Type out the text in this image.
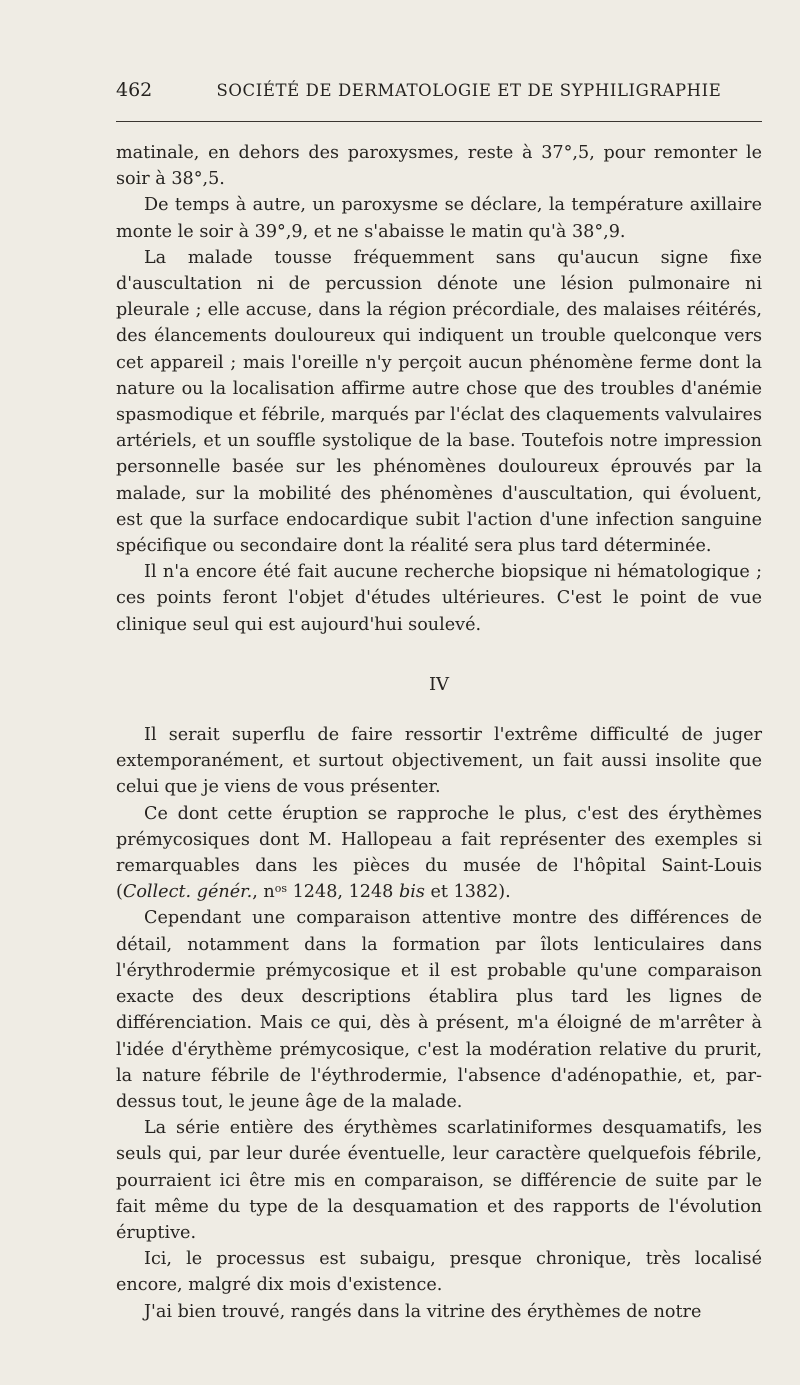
462	SOCIÉTÉ DE DERMATOLOGIE ET DE SYPHILIGRAPHIE

matinale, en dehors des paroxysmes, reste à 37°,5, pour remonter le soir à 38°,5.

De temps à autre, un paroxysme se déclare, la température axillaire monte le soir à 39°,9, et ne s'abaisse le matin qu'à 38°,9.

La malade tousse fréquemment sans qu'aucun signe fixe d'auscultation ni de percussion dénote une lésion pulmonaire ni pleurale ; elle accuse, dans la région précordiale, des malaises réitérés, des élancements douloureux qui indiquent un trouble quelconque vers cet appareil ; mais l'oreille n'y perçoit aucun phénomène ferme dont la nature ou la localisation affirme autre chose que des troubles d'anémie spasmodique et fébrile, marqués par l'éclat des claquements valvulaires artériels, et un souffle systolique de la base. Toutefois notre impression personnelle basée sur les phénomènes douloureux éprouvés par la malade, sur la mobilité des phénomènes d'auscultation, qui évoluent, est que la surface endocardique subit l'action d'une infection sanguine spécifique ou secondaire dont la réalité sera plus tard déterminée.

Il n'a encore été fait aucune recherche biopsique ni hématologique ; ces points feront l'objet d'études ultérieures. C'est le point de vue clinique seul qui est aujourd'hui soulevé.

IV

Il serait superflu de faire ressortir l'extrême difficulté de juger extemporanément, et surtout objectivement, un fait aussi insolite que celui que je viens de vous présenter.

Ce dont cette éruption se rapproche le plus, c'est des érythèmes prémycosiques dont M. Hallopeau a fait représenter des exemples si remarquables dans les pièces du musée de l'hôpital Saint-Louis (Collect. génér., $n^{os}$ 1248, 1248 bis et 1382).

Cependant une comparaison attentive montre des différences de détail, notamment dans la formation par îlots lenticulaires dans l'érythrodermie prémycosique et il est probable qu'une comparaison exacte des deux descriptions établira plus tard les lignes de différenciation. Mais ce qui, dès à présent, m'a éloigné de m'arrêter à l'idée d'érythème prémycosique, c'est la modération relative du prurit, la nature fébrile de l'éythrodermie, l'absence d'adénopathie, et, par-dessus tout, le jeune âge de la malade.

La série entière des érythèmes scarlatiniformes desquamatifs, les seuls qui, par leur durée éventuelle, leur caractère quelquefois fébrile, pourraient ici être mis en comparaison, se différencie de suite par le fait même du type de la desquamation et des rapports de l'évolution éruptive.

Ici, le processus est subaigu, presque chronique, très localisé encore, malgré dix mois d'existence.

J'ai bien trouvé, rangés dans la vitrine des érythèmes de notre
